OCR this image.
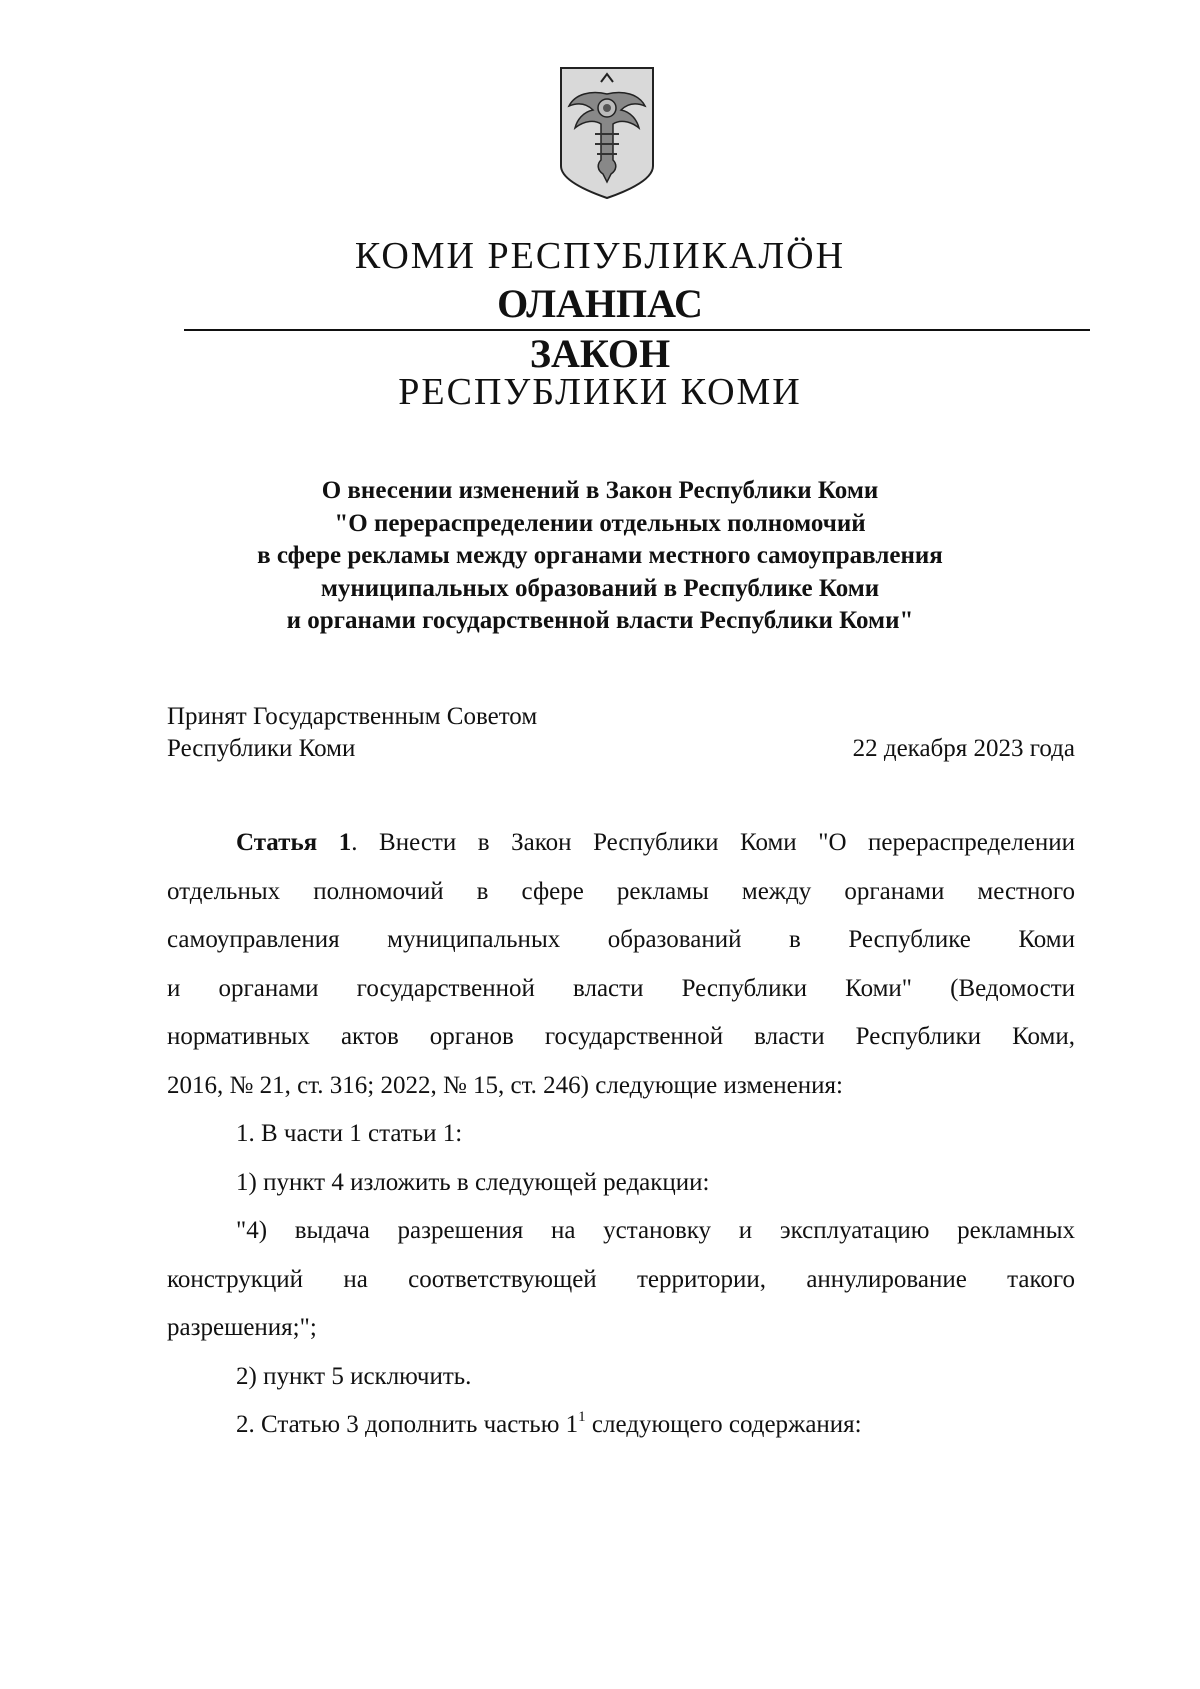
КОМИ РЕСПУБЛИКАЛÖН
ОЛАНПАС
ЗАКОН
РЕСПУБЛИКИ КОМИ
О внесении изменений в Закон Республики Коми
"О перераспределении отдельных полномочий
в сфере рекламы между органами местного самоуправления
муниципальных образований в Республике Коми
и органами государственной власти Республики Коми"
Принят Государственным Советом
Республики Коми	22 декабря 2023 года

Статья 1. Внести в Закон Республики Коми "О перераспределении

отдельных полномочий в сфере рекламы между органами местного

самоуправления муниципальных образований в Республике Коми

и органами государственной власти Республики Коми" (Ведомости

нормативных актов органов государственной власти Республики Коми,

2016, № 21, ст. 316; 2022, № 15, ст. 246) следующие изменения:

1. В части 1 статьи 1:

1) пункт 4 изложить в следующей редакции:

"4) выдача разрешения на установку и эксплуатацию рекламных

конструкций на соответствующей территории, аннулирование такого

разрешения;";

2) пункт 5 исключить.

2. Статью 3 дополнить частью $1^1$ следующего содержания:
